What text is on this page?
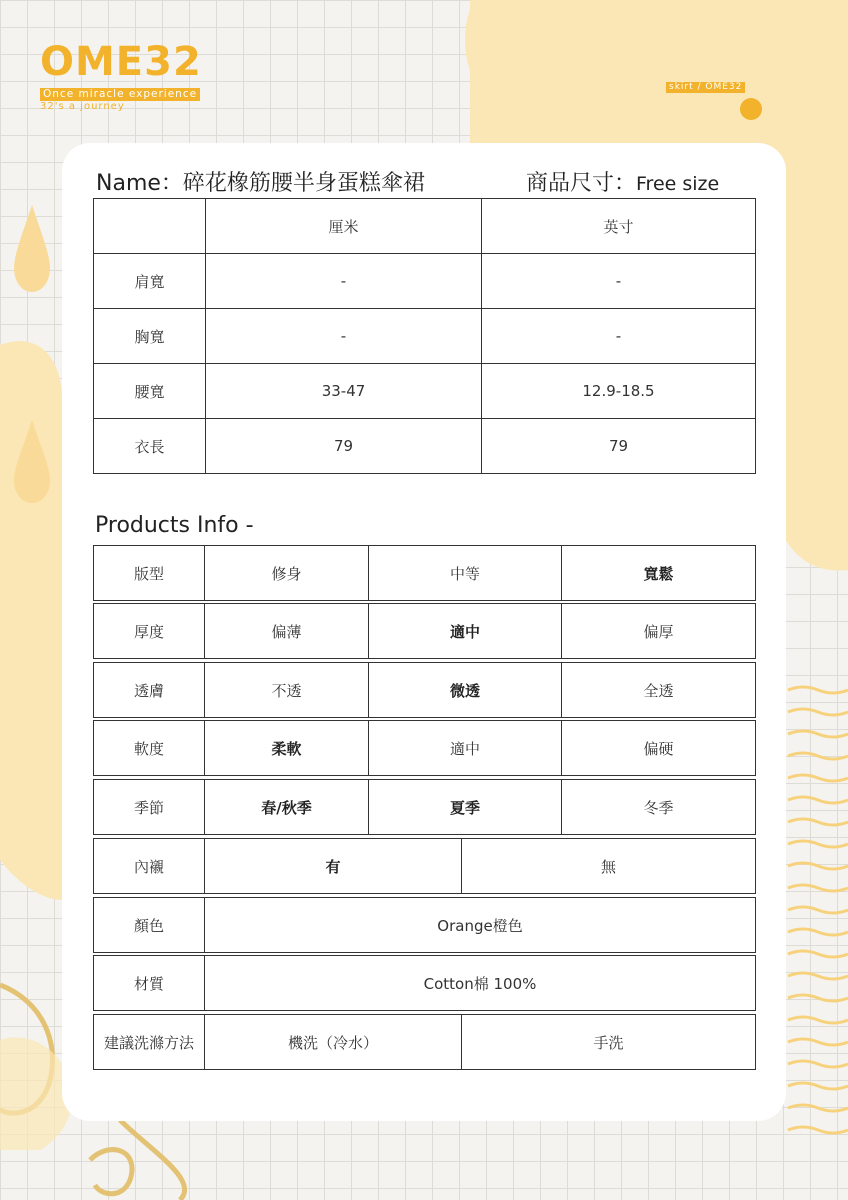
OME32
Once miracle experience
32's a journey
skirt / OME32
Name：碎花橡筋腰半身蛋糕傘裙	商品尺寸：Free size
	厘米	英寸
肩寬	-	-
胸寬	-	-
腰寬	33-47	12.9-18.5
衣長	79	79
Products Info -
版型	修身	中等	寬鬆
厚度	偏薄	適中	偏厚
透膚	不透	微透	全透
軟度	柔軟	適中	偏硬
季節	春/秋季	夏季	冬季
內襯	有	無
顏色	Orange橙色
材質	Cotton棉 100%
建議洗滌方法	機洗（冷水）	手洗
